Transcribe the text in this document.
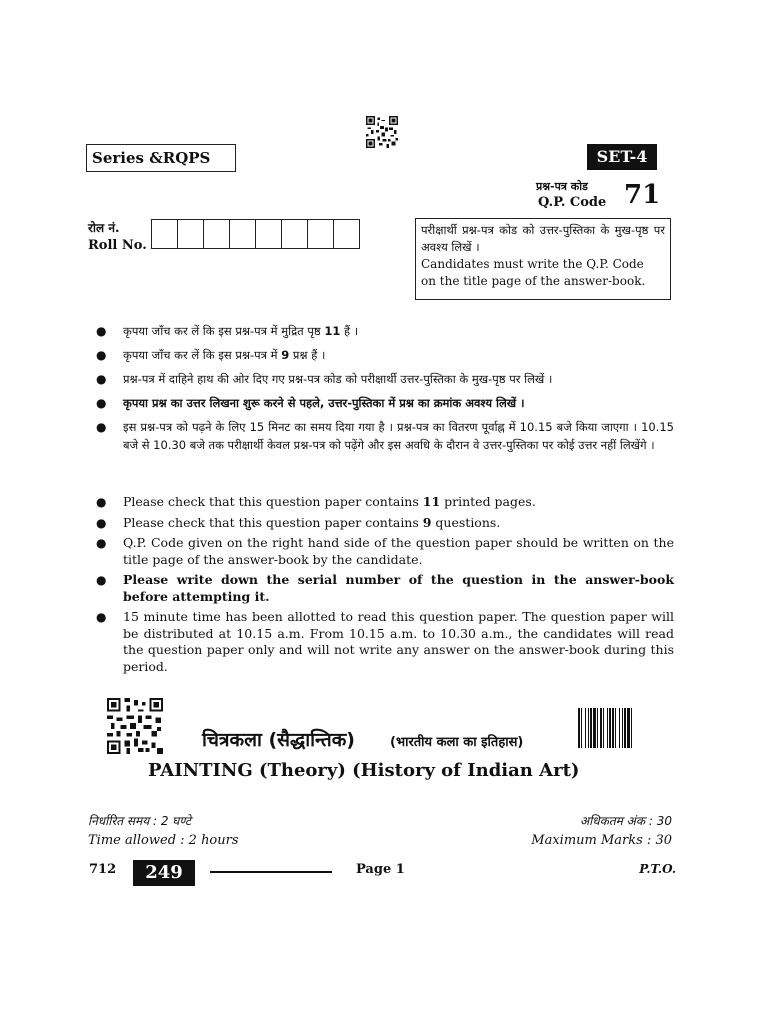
Series &RQPS	SET-4
प्रश्न-पत्र कोड
Q.P. Code 71
रोल नं.
Roll No.
परीक्षार्थी प्रश्न-पत्र कोड को उत्तर-पुस्तिका के मुख-पृष्ठ पर अवश्य लिखें ।
Candidates must write the Q.P. Code
on the title page of the answer-book.
● कृपया जाँच कर लें कि इस प्रश्न-पत्र में मुद्रित पृष्ठ 11 हैं ।
● कृपया जाँच कर लें कि इस प्रश्न-पत्र में 9 प्रश्न हैं ।
● प्रश्न-पत्र में दाहिने हाथ की ओर दिए गए प्रश्न-पत्र कोड को परीक्षार्थी उत्तर-पुस्तिका के मुख-पृष्ठ पर लिखें ।
● कृपया प्रश्न का उत्तर लिखना शुरू करने से पहले, उत्तर-पुस्तिका में प्रश्न का क्रमांक अवश्य लिखें ।
● इस प्रश्न-पत्र को पढ़ने के लिए 15 मिनट का समय दिया गया है । प्रश्न-पत्र का वितरण पूर्वाह्न में 10.15 बजे किया जाएगा । 10.15 बजे से 10.30 बजे तक परीक्षार्थी केवल प्रश्न-पत्र को पढ़ेंगे और इस अवधि के दौरान वे उत्तर-पुस्तिका पर कोई उत्तर नहीं लिखेंगे ।
● Please check that this question paper contains 11 printed pages.
● Please check that this question paper contains 9 questions.
● Q.P. Code given on the right hand side of the question paper should be written on the title page of the answer-book by the candidate.
● Please write down the serial number of the question in the answer-book before attempting it.
● 15 minute time has been allotted to read this question paper. The question paper will be distributed at 10.15 a.m. From 10.15 a.m. to 10.30 a.m., the candidates will read the question paper only and will not write any answer on the answer-book during this period.
चित्रकला (सैद्धान्तिक)	(भारतीय कला का इतिहास)
PAINTING (Theory) (History of Indian Art)
निर्धारित समय : 2 घण्टे
Time allowed : 2 hours
अधिकतम अंक : 30
Maximum Marks : 30
712	249	Page 1	P.T.O.
